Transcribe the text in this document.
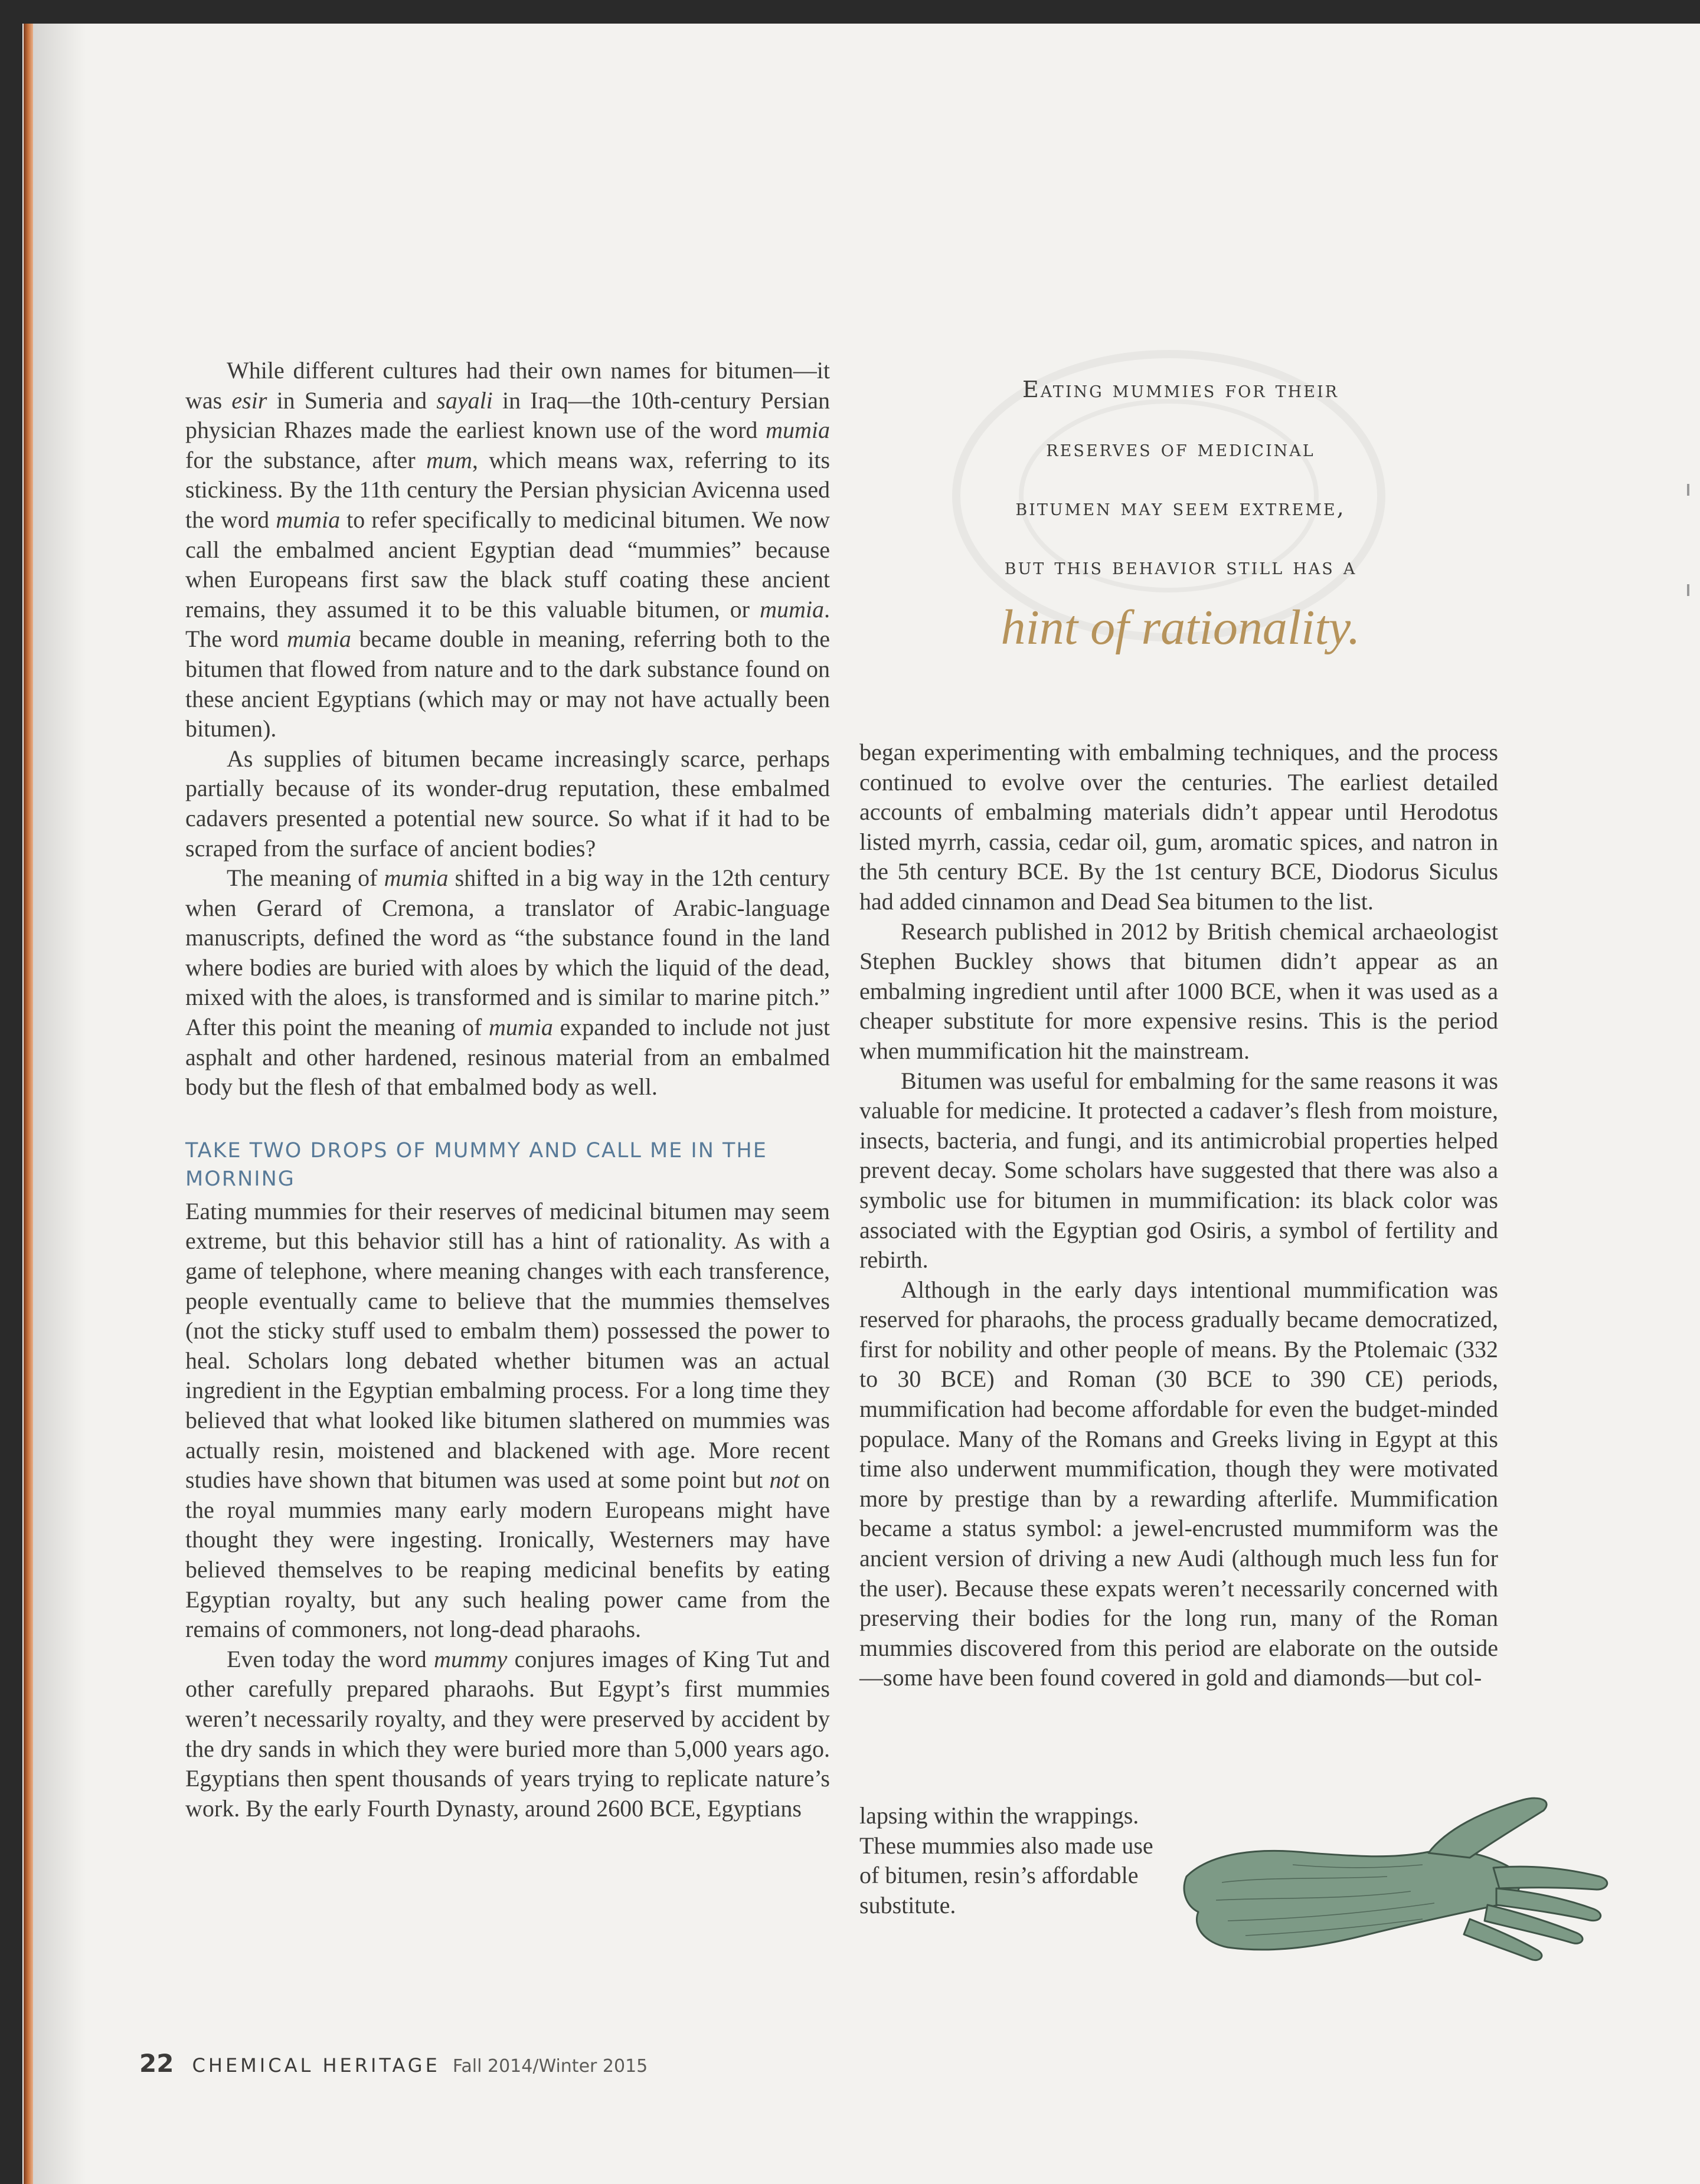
Eating mummies for their
reserves of medicinal
bitumen may seem extreme,
but this behavior still has a
hint of rationality.

While different cultures had their own names for bitumen—it was esir in Sumeria and sayali in Iraq—the 10th-century Persian physician Rhazes made the earliest known use of the word mumia for the substance, after mum, which means wax, referring to its stickiness. By the 11th century the Persian physician Avicenna used the word mumia to refer specifically to medicinal bitumen. We now call the embalmed ancient Egyptian dead “mummies” because when Europeans first saw the black stuff coating these ancient remains, they assumed it to be this valuable bitumen, or mumia. The word mumia became double in meaning, referring both to the bitumen that flowed from nature and to the dark substance found on these ancient Egyptians (which may or may not have actually been bitumen).

As supplies of bitumen became increasingly scarce, perhaps partially because of its wonder-drug reputation, these embalmed cadavers presented a potential new source. So what if it had to be scraped from the surface of ancient bodies?

The meaning of mumia shifted in a big way in the 12th century when Gerard of Cremona, a translator of Arabic-language manuscripts, defined the word as “the substance found in the land where bodies are buried with aloes by which the liquid of the dead, mixed with the aloes, is transformed and is similar to marine pitch.” After this point the meaning of mumia expanded to include not just asphalt and other hardened, resinous material from an embalmed body but the flesh of that embalmed body as well.

TAKE TWO DROPS OF MUMMY AND CALL ME IN THE MORNING

Eating mummies for their reserves of medicinal bitumen may seem extreme, but this behavior still has a hint of rationality. As with a game of telephone, where meaning changes with each transference, people eventually came to believe that the mummies themselves (not the sticky stuff used to embalm them) possessed the power to heal. Scholars long debated whether bitumen was an actual ingredient in the Egyptian embalming process. For a long time they believed that what looked like bitumen slathered on mummies was actually resin, moistened and blackened with age. More recent studies have shown that bitumen was used at some point but not on the royal mummies many early modern Europeans might have thought they were ingesting. Ironically, Westerners may have believed themselves to be reaping medicinal benefits by eating Egyptian royalty, but any such healing power came from the remains of commoners, not long-dead pharaohs.

Even today the word mummy conjures images of King Tut and other carefully prepared pharaohs. But Egypt’s first mummies weren’t necessarily royalty, and they were preserved by accident by the dry sands in which they were buried more than 5,000 years ago. Egyptians then spent thousands of years trying to replicate nature’s work. By the early Fourth Dynasty, around 2600 BCE, Egyptians

began experimenting with embalming techniques, and the process continued to evolve over the centuries. The earliest detailed accounts of embalming materials didn’t appear until Herodotus listed myrrh, cassia, cedar oil, gum, aromatic spices, and natron in the 5th century BCE. By the 1st century BCE, Diodorus Siculus had added cinnamon and Dead Sea bitumen to the list.

Research published in 2012 by British chemical archaeologist Stephen Buckley shows that bitumen didn’t appear as an embalming ingredient until after 1000 BCE, when it was used as a cheaper substitute for more expensive resins. This is the period when mummification hit the mainstream.

Bitumen was useful for embalming for the same reasons it was valuable for medicine. It protected a cadaver’s flesh from moisture, insects, bacteria, and fungi, and its antimicrobial properties helped prevent decay. Some scholars have suggested that there was also a symbolic use for bitumen in mummification: its black color was associated with the Egyptian god Osiris, a symbol of fertility and rebirth.

Although in the early days intentional mummification was reserved for pharaohs, the process gradually became democratized, first for nobility and other people of means. By the Ptolemaic (332 to 30 BCE) and Roman (30 BCE to 390 CE) periods, mummification had become affordable for even the budget-minded populace. Many of the Romans and Greeks living in Egypt at this time also underwent mummification, though they were motivated more by prestige than by a rewarding afterlife. Mummification became a status symbol: a jewel-encrusted mummiform was the ancient version of driving a new Audi (although much less fun for the user). Because these expats weren’t necessarily concerned with preserving their bodies for the long run, many of the Roman mummies discovered from this period are elaborate on the outside—some have been found covered in gold and diamonds—but col-

lapsing within the wrappings. These mummies also made use of bitumen, resin’s affordable substitute.

22 CHEMICAL HERITAGE Fall 2014/Winter 2015
